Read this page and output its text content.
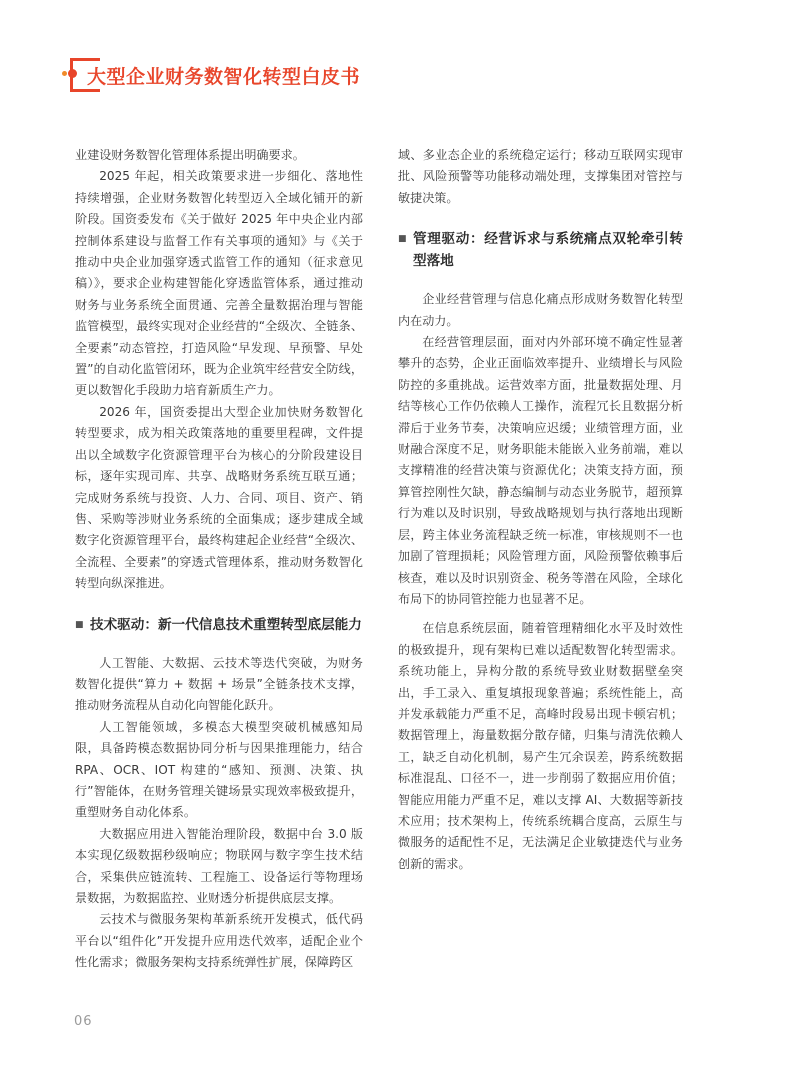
大型企业财务数智化转型白皮书

业建设财务数智化管理体系提出明确要求。

2025 年起，相关政策要求进一步细化、落地性持续增强，企业财务数智化转型迈入全域化铺开的新阶段。国资委发布《关于做好 2025 年中央企业内部控制体系建设与监督工作有关事项的通知》与《关于推动中央企业加强穿透式监管工作的通知（征求意见稿）》，要求企业构建智能化穿透监管体系，通过推动财务与业务系统全面贯通、完善全量数据治理与智能监管模型，最终实现对企业经营的“全级次、全链条、全要素”动态管控，打造风险“早发现、早预警、早处置”的自动化监管闭环，既为企业筑牢经营安全防线，更以数智化手段助力培育新质生产力。

2026 年，国资委提出大型企业加快财务数智化转型要求，成为相关政策落地的重要里程碑，文件提出以全域数字化资源管理平台为核心的分阶段建设目标，逐年实现司库、共享、战略财务系统互联互通；完成财务系统与投资、人力、合同、项目、资产、销售、采购等涉财业务系统的全面集成；逐步建成全域数字化资源管理平台，最终构建起企业经营“全级次、全流程、全要素”的穿透式管理体系，推动财务数智化转型向纵深推进。

■ 技术驱动：新一代信息技术重塑转型底层能力

人工智能、大数据、云技术等迭代突破，为财务数智化提供“算力 + 数据 + 场景”全链条技术支撑，推动财务流程从自动化向智能化跃升。

人工智能领域，多模态大模型突破机械感知局限，具备跨模态数据协同分析与因果推理能力，结合 RPA、OCR、IOT 构建的“感知、预测、决策、执行”智能体，在财务管理关键场景实现效率极致提升，重塑财务自动化体系。

大数据应用进入智能治理阶段，数据中台 3.0 版本实现亿级数据秒级响应；物联网与数字孪生技术结合，采集供应链流转、工程施工、设备运行等物理场景数据，为数据监控、业财透分析提供底层支撑。

云技术与微服务架构革新系统开发模式，低代码平台以“组件化”开发提升应用迭代效率，适配企业个性化需求；微服务架构支持系统弹性扩展，保障跨区

域、多业态企业的系统稳定运行；移动互联网实现审批、风险预警等功能移动端处理，支撑集团对管控与敏捷决策。

■ 管理驱动：经营诉求与系统痛点双轮牵引转型落地

企业经营管理与信息化痛点形成财务数智化转型内在动力。

在经营管理层面，面对内外部环境不确定性显著攀升的态势，企业正面临效率提升、业绩增长与风险防控的多重挑战。运营效率方面，批量数据处理、月结等核心工作仍依赖人工操作，流程冗长且数据分析滞后于业务节奏，决策响应迟缓；业绩管理方面，业财融合深度不足，财务职能未能嵌入业务前端，难以支撑精准的经营决策与资源优化；决策支持方面，预算管控刚性欠缺，静态编制与动态业务脱节，超预算行为难以及时识别，导致战略规划与执行落地出现断层，跨主体业务流程缺乏统一标准，审核规则不一也加剧了管理损耗；风险管理方面，风险预警依赖事后核查，难以及时识别资金、税务等潜在风险，全球化布局下的协同管控能力也显著不足。

在信息系统层面，随着管理精细化水平及时效性的极致提升，现有架构已难以适配数智化转型需求。系统功能上，异构分散的系统导致业财数据壁垒突出，手工录入、重复填报现象普遍；系统性能上，高并发承载能力严重不足，高峰时段易出现卡顿宕机；数据管理上，海量数据分散存储，归集与清洗依赖人工，缺乏自动化机制，易产生冗余误差，跨系统数据标准混乱、口径不一，进一步削弱了数据应用价值；智能应用能力严重不足，难以支撑 AI、大数据等新技术应用；技术架构上，传统系统耦合度高，云原生与微服务的适配性不足，无法满足企业敏捷迭代与业务创新的需求。

06
